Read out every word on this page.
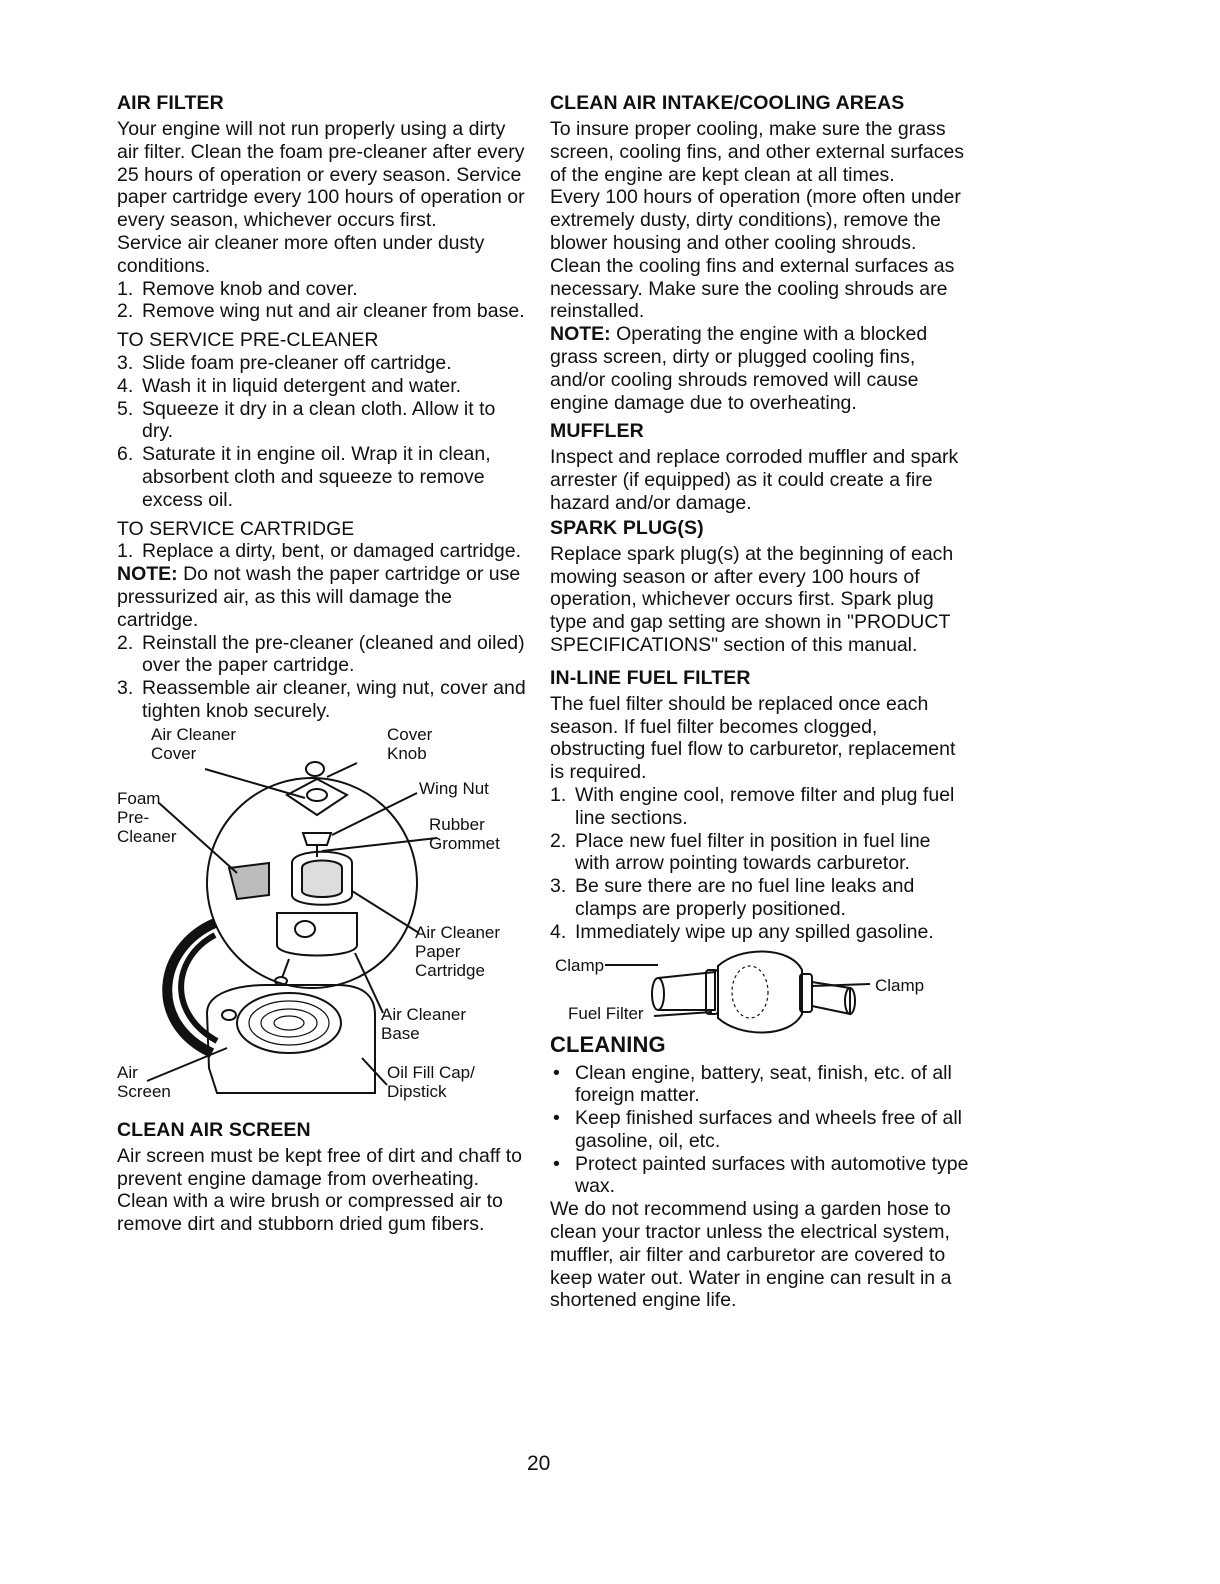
AIR FILTER

Your engine will not run properly using a dirty air filter. Clean the foam pre-cleaner after every 25 hours of operation or every season. Service paper cartridge every 100 hours of operation or every season, whichever occurs first.

Service air cleaner more often under dusty conditions.

1. Remove knob and cover.
2. Remove wing nut and air cleaner from base.
TO SERVICE PRE-CLEANER
3. Slide foam pre-cleaner off cartridge.
4. Wash it in liquid detergent and water.
5. Squeeze it dry in a clean cloth. Allow it to dry.
6. Saturate it in engine oil. Wrap it in clean, absorbent cloth and squeeze to remove excess oil.
TO SERVICE CARTRIDGE
1. Replace a dirty, bent, or damaged cartridge.

NOTE: Do not wash the paper cartridge or use pressurized air, as this will damage the cartridge.

2. Reinstall the pre-cleaner (cleaned and oiled) over the paper cartridge.
3. Reassemble air cleaner, wing nut, cover and tighten knob securely.
Air Cleaner
Cover
Cover
Knob
Wing Nut
Foam
Pre-
Cleaner
Rubber
Grommet
Air Cleaner
Paper
Cartridge
Air Cleaner
Base
Air
Screen
Oil Fill Cap/
Dipstick
CLEAN AIR SCREEN

Air screen must be kept free of dirt and chaff to prevent engine damage from overheating. Clean with a wire brush or compressed air to remove dirt and stubborn dried gum fibers.

CLEAN AIR INTAKE/COOLING AREAS

To insure proper cooling, make sure the grass screen, cooling fins, and other external surfaces of the engine are kept clean at all times.

Every 100 hours of operation (more often under extremely dusty, dirty conditions), remove the blower housing and other cooling shrouds. Clean the cooling fins and external surfaces as necessary. Make sure the cooling shrouds are reinstalled.

NOTE: Operating the engine with a blocked grass screen, dirty or plugged cooling fins, and/or cooling shrouds removed will cause engine damage due to overheating.

MUFFLER

Inspect and replace corroded muffler and spark arrester (if equipped) as it could create a fire hazard and/or damage.

SPARK PLUG(S)

Replace spark plug(s) at the beginning of each mowing season or after every 100 hours of operation, whichever occurs first. Spark plug type and gap setting are shown in "PRODUCT SPECIFICATIONS" section of this manual.

IN-LINE FUEL FILTER

The fuel filter should be replaced once each season. If fuel filter becomes clogged, obstructing fuel flow to carburetor, replacement is required.

1. With engine cool, remove filter and plug fuel line sections.
2. Place new fuel filter in position in fuel line with arrow pointing towards carburetor.
3. Be sure there are no fuel line leaks and clamps are properly positioned.
4. Immediately wipe up any spilled gasoline.
Clamp
Clamp
Fuel Filter
CLEANING
• Clean engine, battery, seat, finish, etc. of all foreign matter.
• Keep finished surfaces and wheels free of all gasoline, oil, etc.
• Protect painted surfaces with automotive type wax.

We do not recommend using a garden hose to clean your tractor unless the electrical system, muffler, air filter and carburetor are covered to keep water out. Water in engine can result in a shortened engine life.

20
